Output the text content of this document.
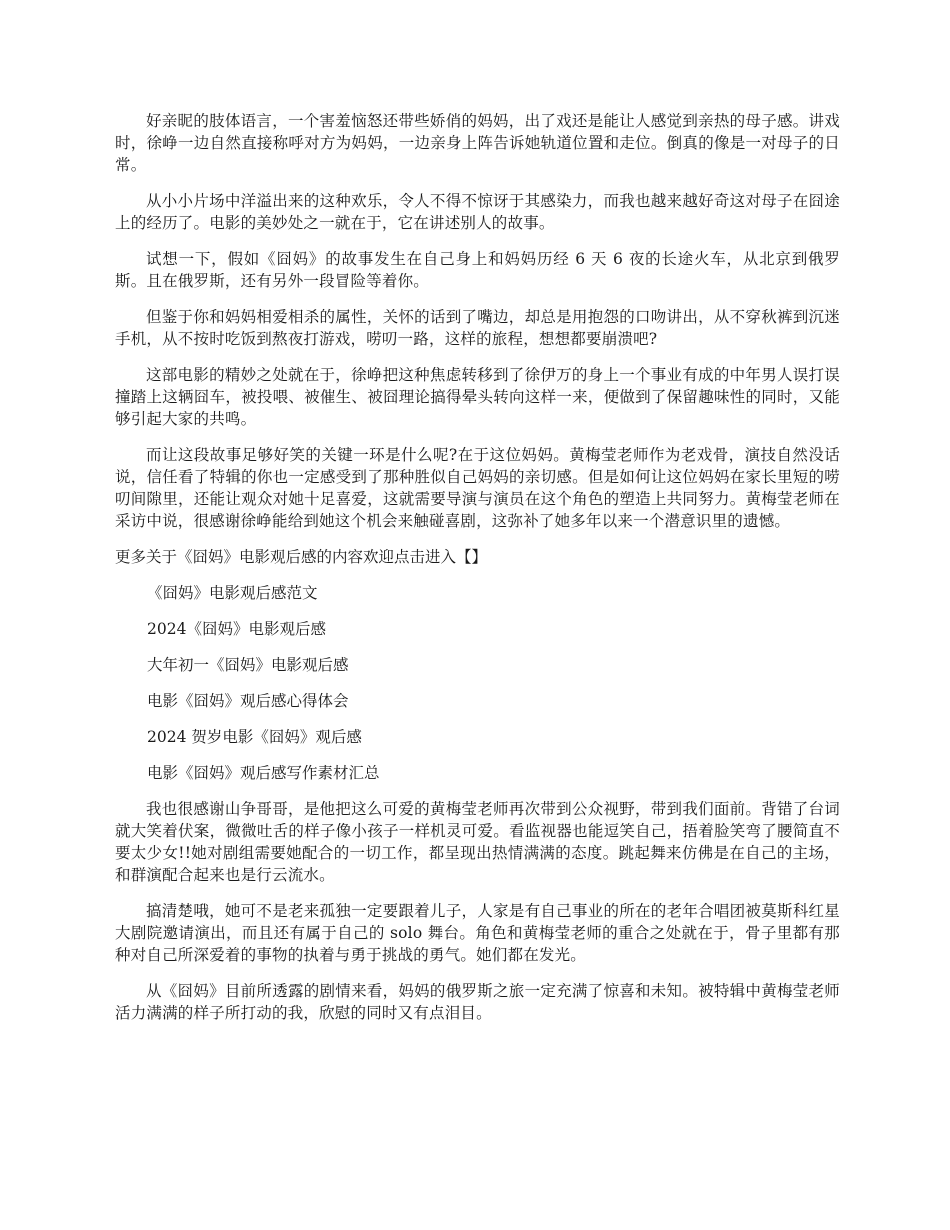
好亲昵的肢体语言，一个害羞恼怒还带些娇俏的妈妈，出了戏还是能让人感觉到亲热的母子感。讲戏时，徐峥一边自然直接称呼对方为妈妈，一边亲身上阵告诉她轨道位置和走位。倒真的像是一对母子的日常。

从小小片场中洋溢出来的这种欢乐，令人不得不惊讶于其感染力，而我也越来越好奇这对母子在囧途上的经历了。电影的美妙处之一就在于，它在讲述别人的故事。

试想一下，假如《囧妈》的故事发生在自己身上和妈妈历经 6 天 6 夜的长途火车，从北京到俄罗斯。且在俄罗斯，还有另外一段冒险等着你。

但鉴于你和妈妈相爱相杀的属性，关怀的话到了嘴边，却总是用抱怨的口吻讲出，从不穿秋裤到沉迷手机，从不按时吃饭到熬夜打游戏，唠叨一路，这样的旅程，想想都要崩溃吧?

这部电影的精妙之处就在于，徐峥把这种焦虑转移到了徐伊万的身上一个事业有成的中年男人误打误撞踏上这辆囧车，被投喂、被催生、被囧理论搞得晕头转向这样一来，便做到了保留趣味性的同时，又能够引起大家的共鸣。

而让这段故事足够好笑的关键一环是什么呢?在于这位妈妈。黄梅莹老师作为老戏骨，演技自然没话说，信任看了特辑的你也一定感受到了那种胜似自己妈妈的亲切感。但是如何让这位妈妈在家长里短的唠叨间隙里，还能让观众对她十足喜爱，这就需要导演与演员在这个角色的塑造上共同努力。黄梅莹老师在采访中说，很感谢徐峥能给到她这个机会来触碰喜剧，这弥补了她多年以来一个潜意识里的遗憾。

更多关于《囧妈》电影观后感的内容欢迎点击进入【】

《囧妈》电影观后感范文
2024《囧妈》电影观后感
大年初一《囧妈》电影观后感
电影《囧妈》观后感心得体会
2024 贺岁电影《囧妈》观后感
电影《囧妈》观后感写作素材汇总

我也很感谢山争哥哥，是他把这么可爱的黄梅莹老师再次带到公众视野，带到我们面前。背错了台词就大笑着伏案，微微吐舌的样子像小孩子一样机灵可爱。看监视器也能逗笑自己，捂着脸笑弯了腰简直不要太少女!!她对剧组需要她配合的一切工作，都呈现出热情满满的态度。跳起舞来仿佛是在自己的主场，和群演配合起来也是行云流水。

搞清楚哦，她可不是老来孤独一定要跟着儿子，人家是有自己事业的所在的老年合唱团被莫斯科红星大剧院邀请演出，而且还有属于自己的 solo 舞台。角色和黄梅莹老师的重合之处就在于，骨子里都有那种对自己所深爱着的事物的执着与勇于挑战的勇气。她们都在发光。

从《囧妈》目前所透露的剧情来看，妈妈的俄罗斯之旅一定充满了惊喜和未知。被特辑中黄梅莹老师活力满满的样子所打动的我，欣慰的同时又有点泪目。
